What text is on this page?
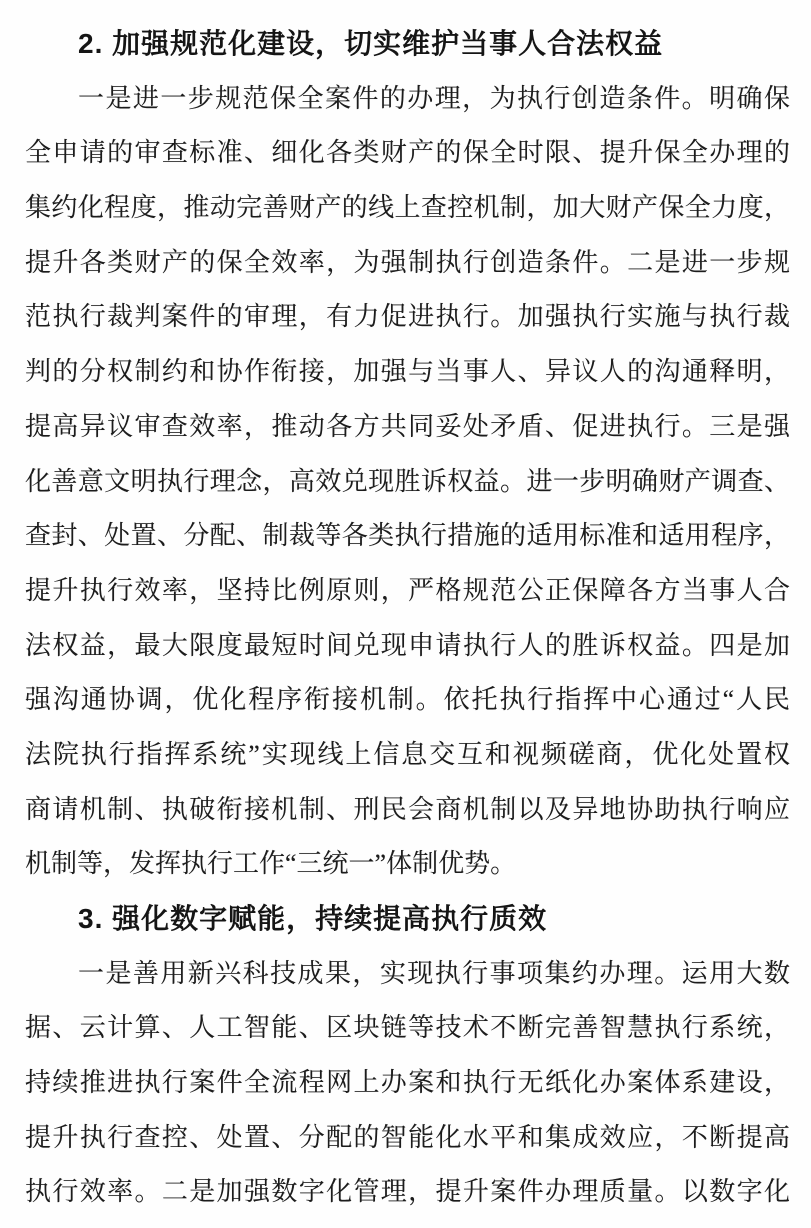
2. 加强规范化建设，切实维护当事人合法权益
一是进一步规范保全案件的办理，为执行创造条件。明确保
全申请的审查标准、细化各类财产的保全时限、提升保全办理的
集约化程度，推动完善财产的线上查控机制，加大财产保全力度，
提升各类财产的保全效率，为强制执行创造条件。二是进一步规
范执行裁判案件的审理，有力促进执行。加强执行实施与执行裁
判的分权制约和协作衔接，加强与当事人、异议人的沟通释明，
提高异议审查效率，推动各方共同妥处矛盾、促进执行。三是强
化善意文明执行理念，高效兑现胜诉权益。进一步明确财产调查、
查封、处置、分配、制裁等各类执行措施的适用标准和适用程序，
提升执行效率，坚持比例原则，严格规范公正保障各方当事人合
法权益，最大限度最短时间兑现申请执行人的胜诉权益。四是加
强沟通协调，优化程序衔接机制。依托执行指挥中心通过“人民
法院执行指挥系统”实现线上信息交互和视频磋商，优化处置权
商请机制、执破衔接机制、刑民会商机制以及异地协助执行响应
机制等，发挥执行工作“三统一”体制优势。
3. 强化数字赋能，持续提高执行质效
一是善用新兴科技成果，实现执行事项集约办理。运用大数
据、云计算、人工智能、区块链等技术不断完善智慧执行系统，
持续推进执行案件全流程网上办案和执行无纸化办案体系建设，
提升执行查控、处置、分配的智能化水平和集成效应，不断提高
执行效率。二是加强数字化管理，提升案件办理质量。以数字化
